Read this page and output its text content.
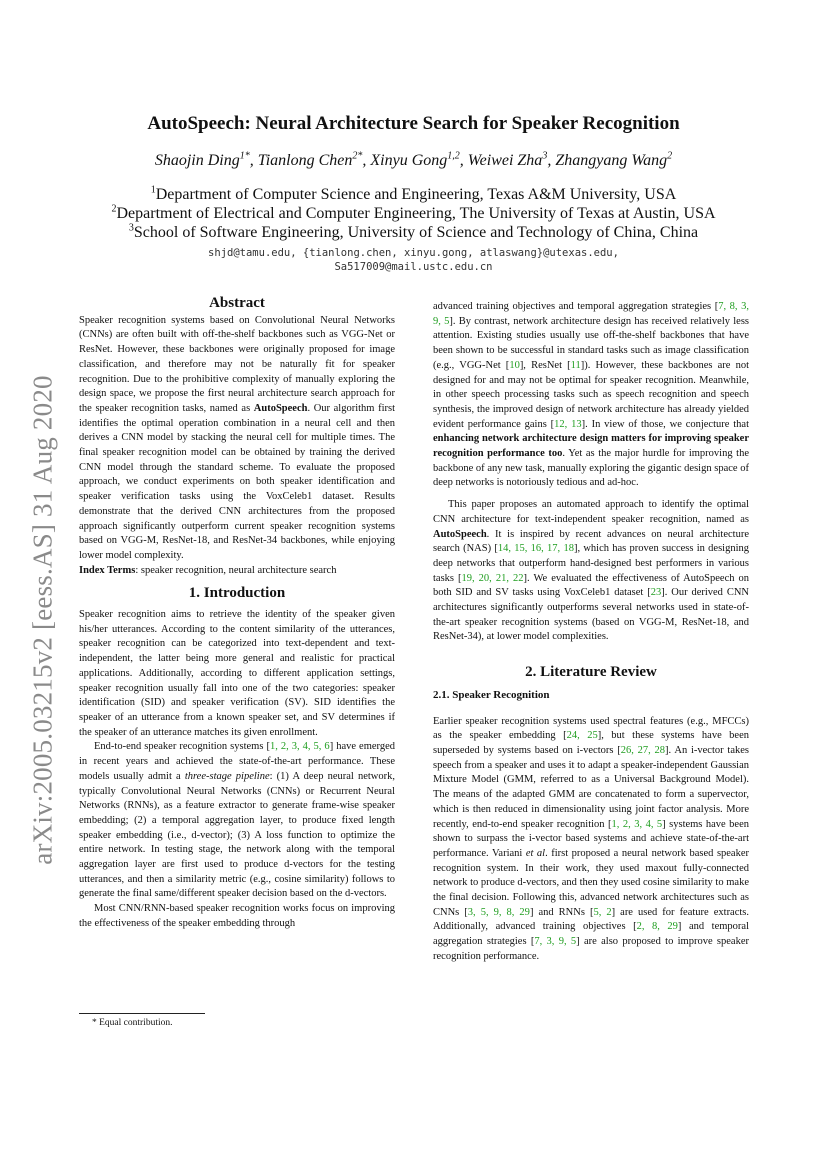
arXiv:2005.03215v2 [eess.AS] 31 Aug 2020
AutoSpeech: Neural Architecture Search for Speaker Recognition
Shaojin Ding$^{1*}$, Tianlong Chen$^{2*}$, Xinyu Gong$^{1,2}$, Weiwei Zha$^3$, Zhangyang Wang$^2$
$^1$Department of Computer Science and Engineering, Texas A&M University, USA
$^2$Department of Electrical and Computer Engineering, The University of Texas at Austin, USA
$^3$School of Software Engineering, University of Science and Technology of China, China
shjd@tamu.edu, {tianlong.chen, xinyu.gong, atlaswang}@utexas.edu,
Sa517009@mail.ustc.edu.cn
Abstract

Speaker recognition systems based on Convolutional Neural Networks (CNNs) are often built with off-the-shelf backbones such as VGG-Net or ResNet. However, these backbones were originally proposed for image classification, and therefore may not be naturally fit for speaker recognition. Due to the prohibitive complexity of manually exploring the design space, we propose the first neural architecture search approach for the speaker recognition tasks, named as AutoSpeech. Our algorithm first identifies the optimal operation combination in a neural cell and then derives a CNN model by stacking the neural cell for multiple times. The final speaker recognition model can be obtained by training the derived CNN model through the standard scheme. To evaluate the proposed approach, we conduct experiments on both speaker identification and speaker verification tasks using the VoxCeleb1 dataset. Results demonstrate that the derived CNN architectures from the proposed approach significantly outperform current speaker recognition systems based on VGG-M, ResNet-18, and ResNet-34 backbones, while enjoying lower model complexity.

Index Terms: speaker recognition, neural architecture search

1. Introduction

Speaker recognition aims to retrieve the identity of the speaker given his/her utterances. According to the content similarity of the utterances, speaker recognition can be categorized into text-dependent and text-independent, the latter being more general and realistic for practical applications. Additionally, according to different application settings, speaker recognition usually fall into one of the two categories: speaker identification (SID) and speaker verification (SV). SID identifies the speaker of an utterance from a known speaker set, and SV determines if the speaker of an utterance matches its given enrollment.

End-to-end speaker recognition systems [1, 2, 3, 4, 5, 6] have emerged in recent years and achieved the state-of-the-art performance. These models usually admit a three-stage pipeline: (1) A deep neural network, typically Convolutional Neural Networks (CNNs) or Recurrent Neural Networks (RNNs), as a feature extractor to generate frame-wise speaker embedding; (2) a temporal aggregation layer, to produce fixed length speaker embedding (i.e., d-vector); (3) A loss function to optimize the entire network. In testing stage, the network along with the temporal aggregation layer are first used to produce d-vectors for the testing utterances, and then a similarity metric (e.g., cosine similarity) follows to generate the final same/different speaker decision based on the d-vectors.

Most CNN/RNN-based speaker recognition works focus on improving the effectiveness of the speaker embedding through

advanced training objectives and temporal aggregation strategies [7, 8, 3, 9, 5]. By contrast, network architecture design has received relatively less attention. Existing studies usually use off-the-shelf backbones that have been shown to be successful in standard tasks such as image classification (e.g., VGG-Net [10], ResNet [11]). However, these backbones are not designed for and may not be optimal for speaker recognition. Meanwhile, in other speech processing tasks such as speech recognition and speech synthesis, the improved design of network architecture has already yielded evident performance gains [12, 13]. In view of those, we conjecture that enhancing network architecture design matters for improving speaker recognition performance too. Yet as the major hurdle for improving the backbone of any new task, manually exploring the gigantic design space of deep networks is notoriously tedious and ad-hoc.

This paper proposes an automated approach to identify the optimal CNN architecture for text-independent speaker recognition, named as AutoSpeech. It is inspired by recent advances on neural architecture search (NAS) [14, 15, 16, 17, 18], which has proven success in designing deep networks that outperform hand-designed best performers in various tasks [19, 20, 21, 22]. We evaluated the effectiveness of AutoSpeech on both SID and SV tasks using VoxCeleb1 dataset [23]. Our derived CNN architectures significantly outperforms several networks used in state-of-the-art speaker recognition systems (based on VGG-M, ResNet-18, and ResNet-34), at lower model complexities.

2. Literature Review
2.1. Speaker Recognition

Earlier speaker recognition systems used spectral features (e.g., MFCCs) as the speaker embedding [24, 25], but these systems have been superseded by systems based on i-vectors [26, 27, 28]. An i-vector takes speech from a speaker and uses it to adapt a speaker-independent Gaussian Mixture Model (GMM, referred to as a Universal Background Model). The means of the adapted GMM are concatenated to form a supervector, which is then reduced in dimensionality using joint factor analysis. More recently, end-to-end speaker recognition [1, 2, 3, 4, 5] systems have been shown to surpass the i-vector based systems and achieve state-of-the-art performance. Variani et al. first proposed a neural network based speaker recognition system. In their work, they used maxout fully-connected network to produce d-vectors, and then they used cosine similarity to make the final decision. Following this, advanced network architectures such as CNNs [3, 5, 9, 8, 29] and RNNs [5, 2] are used for feature extracts. Additionally, advanced training objectives [2, 8, 29] and temporal aggregation strategies [7, 3, 9, 5] are also proposed to improve speaker recognition performance.

* Equal contribution.
